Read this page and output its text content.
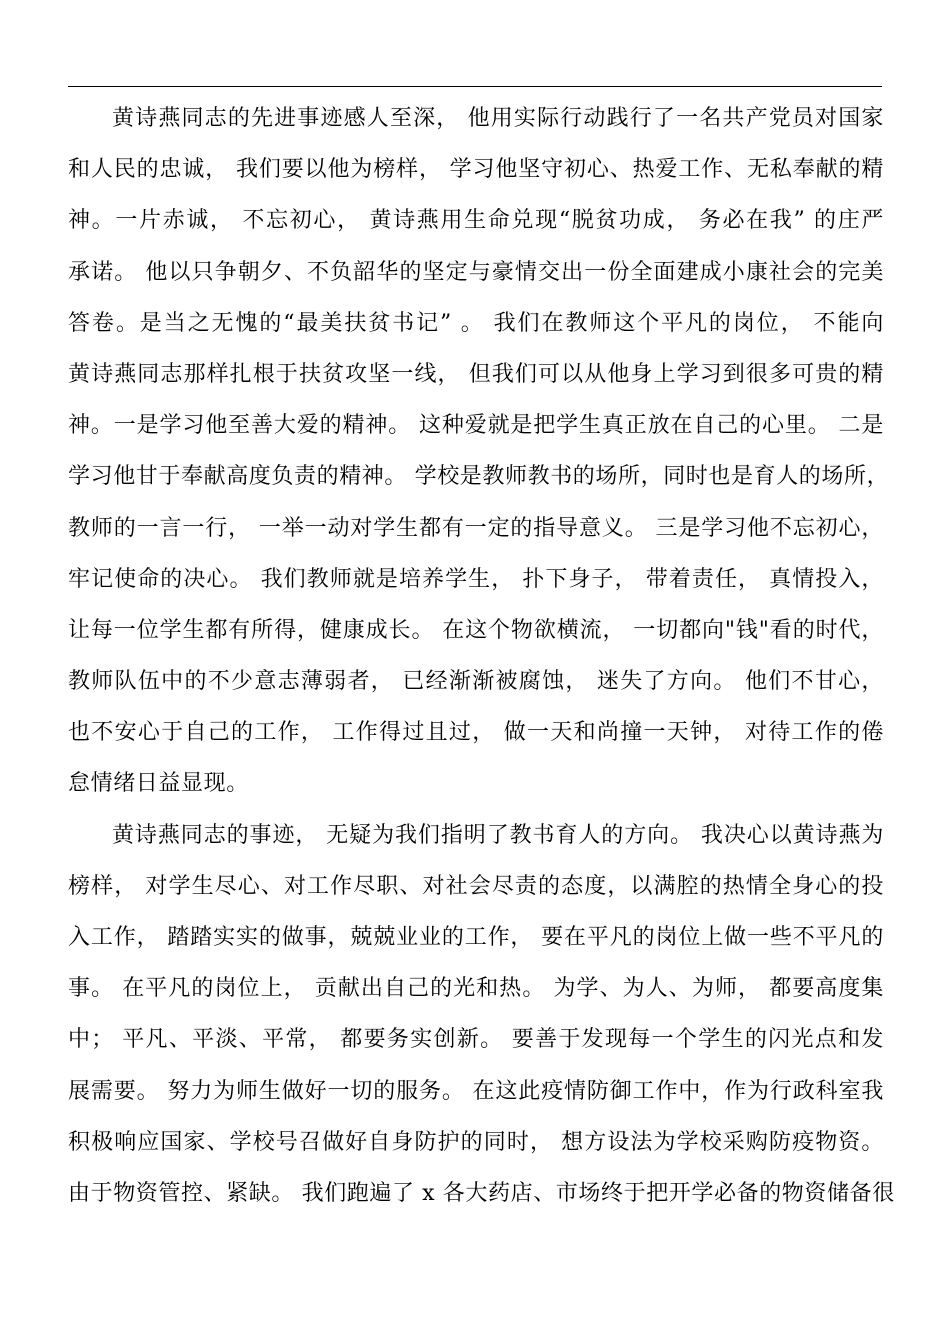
黄诗燕同志的先进事迹感人至深， 他用实际行动践行了一名共产党员对国家
和人民的忠诚， 我们要以他为榜样， 学习他坚守初心、热爱工作、无私奉献的精
神。一片赤诚， 不忘初心， 黄诗燕用生命兑现“脱贫功成， 务必在我” 的庄严
承诺。 他以只争朝夕、不负韶华的坚定与豪情交出一份全面建成小康社会的完美
答卷。是当之无愧的“最美扶贫书记” 。 我们在教师这个平凡的岗位， 不能向
黄诗燕同志那样扎根于扶贫攻坚一线， 但我们可以从他身上学习到很多可贵的精
神。一是学习他至善大爱的精神。 这种爱就是把学生真正放在自己的心里。 二是
学习他甘于奉献高度负责的精神。 学校是教师教书的场所，同时也是育人的场所，
教师的一言一行， 一举一动对学生都有一定的指导意义。 三是学习他不忘初心，
牢记使命的决心。 我们教师就是培养学生， 扑下身子， 带着责任， 真情投入，
让每一位学生都有所得，健康成长。 在这个物欲横流， 一切都向"钱"看的时代，
教师队伍中的不少意志薄弱者， 已经渐渐被腐蚀， 迷失了方向。 他们不甘心，
也不安心于自己的工作， 工作得过且过， 做一天和尚撞一天钟， 对待工作的倦
怠情绪日益显现。
黄诗燕同志的事迹， 无疑为我们指明了教书育人的方向。 我决心以黄诗燕为
榜样， 对学生尽心、对工作尽职、对社会尽责的态度，以满腔的热情全身心的投
入工作， 踏踏实实的做事，兢兢业业的工作， 要在平凡的岗位上做一些不平凡的
事。 在平凡的岗位上， 贡献出自己的光和热。 为学、为人、为师， 都要高度集
中； 平凡、平淡、平常， 都要务实创新。 要善于发现每一个学生的闪光点和发
展需要。 努力为师生做好一切的服务。 在这此疫情防御工作中，作为行政科室我
积极响应国家、学校号召做好自身防护的同时， 想方设法为学校采购防疫物资。
由于物资管控、紧缺。 我们跑遍了 x 各大药店、市场终于把开学必备的物资储备很
